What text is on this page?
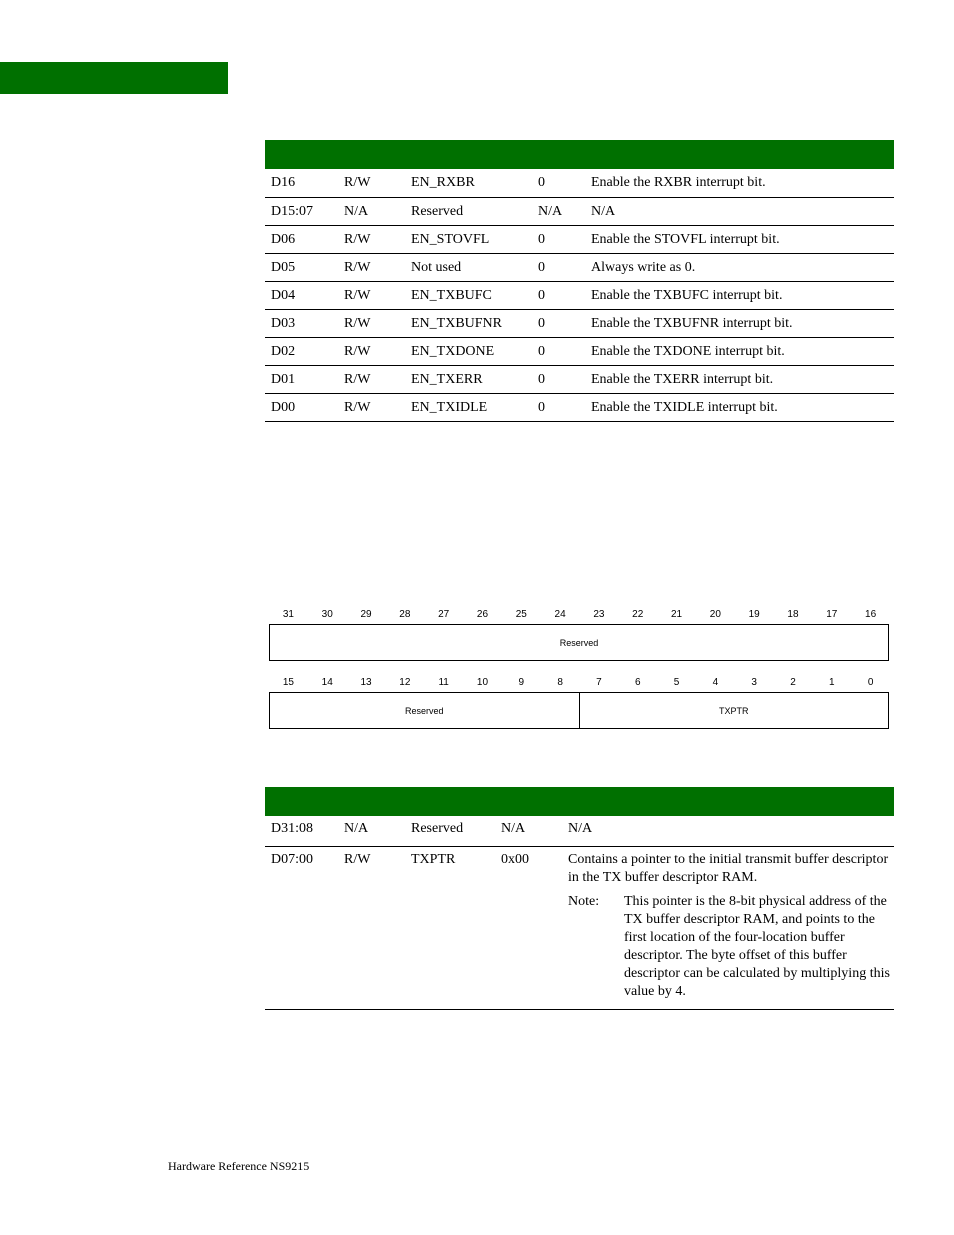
D16	R/W	EN_RXBR	0	Enable the RXBR interrupt bit.
D15:07	N/A	Reserved	N/A	N/A
D06	R/W	EN_STOVFL	0	Enable the STOVFL interrupt bit.
D05	R/W	Not used	0	Always write as 0.
D04	R/W	EN_TXBUFC	0	Enable the TXBUFC interrupt bit.
D03	R/W	EN_TXBUFNR	0	Enable the TXBUFNR interrupt bit.
D02	R/W	EN_TXDONE	0	Enable the TXDONE interrupt bit.
D01	R/W	EN_TXERR	0	Enable the TXERR interrupt bit.
D00	R/W	EN_TXIDLE	0	Enable the TXIDLE interrupt bit.
31	30	29	28	27	26	25	24	23	22	21	20	19	18	17	16
Reserved
15	14	13	12	11	10	9	8	7	6	5	4	3	2	1	0
Reserved	TXPTR

D31:08	N/A	Reserved	N/A	N/A
D07:00	R/W	TXPTR	0x00	Contains a pointer to the initial transmit buffer descriptor in the TX buffer descriptor RAM.
Note: This pointer is the 8-bit physical address of the TX buffer descriptor RAM, and points to the first location of the four-location buffer descriptor. The byte offset of this buffer descriptor can be calculated by multiplying this value by 4.
Hardware Reference NS9215
